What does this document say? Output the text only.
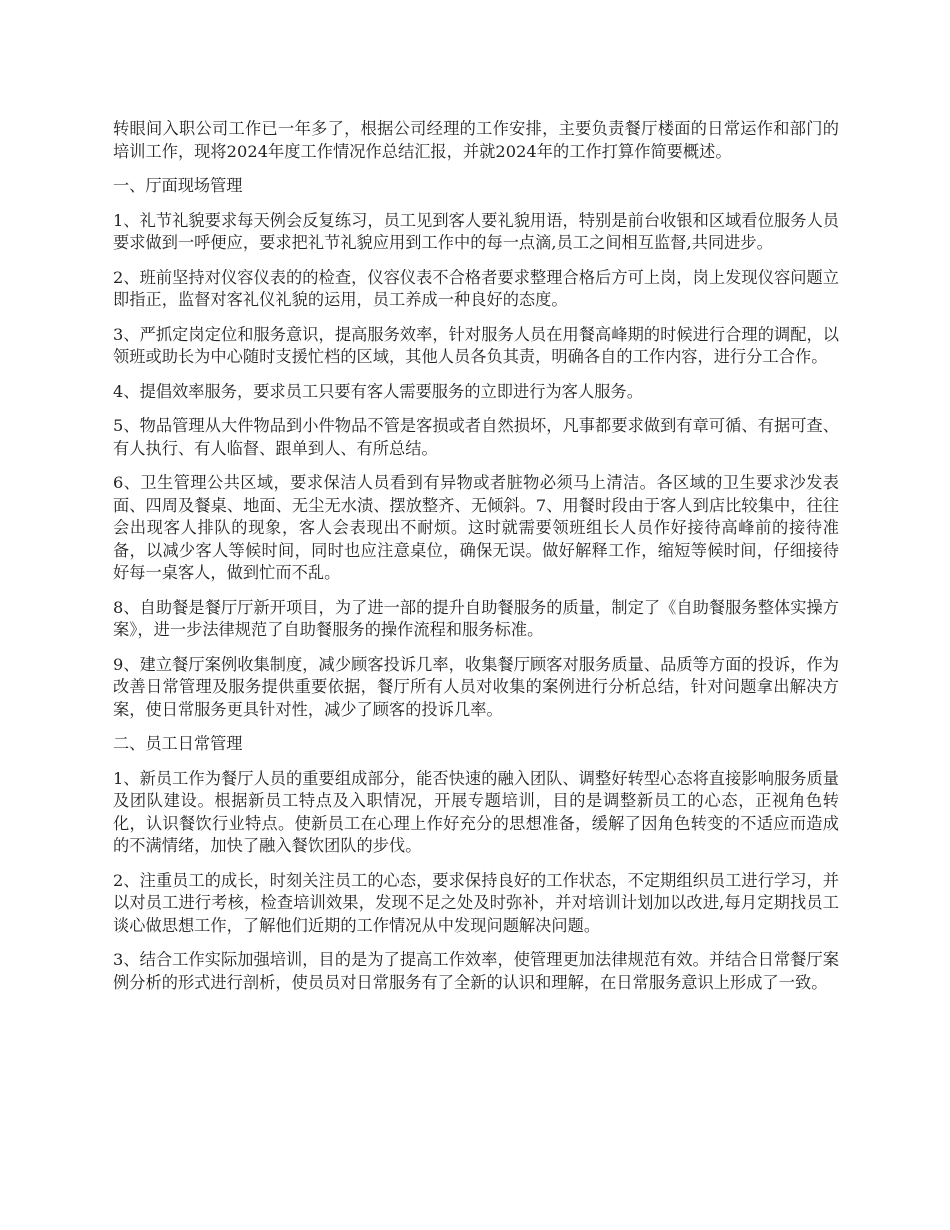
转眼间入职公司工作已一年多了，根据公司经理的工作安排，主要负责餐厅楼面的日常运作和部门的培训工作，现将2024年度工作情况作总结汇报，并就2024年的工作打算作简要概述。

一、厅面现场管理

1、礼节礼貌要求每天例会反复练习，员工见到客人要礼貌用语，特别是前台收银和区域看位服务人员要求做到一呼便应，要求把礼节礼貌应用到工作中的每一点滴,员工之间相互监督,共同进步。

2、班前坚持对仪容仪表的的检查，仪容仪表不合格者要求整理合格后方可上岗，岗上发现仪容问题立即指正，监督对客礼仪礼貌的运用，员工养成一种良好的态度。

3、严抓定岗定位和服务意识，提高服务效率，针对服务人员在用餐高峰期的时候进行合理的调配，以领班或助长为中心随时支援忙档的区域，其他人员各负其责，明确各自的工作内容，进行分工合作。

4、提倡效率服务，要求员工只要有客人需要服务的立即进行为客人服务。

5、物品管理从大件物品到小件物品不管是客损或者自然损坏，凡事都要求做到有章可循、有据可查、有人执行、有人临督、跟单到人、有所总结。

6、卫生管理公共区域，要求保洁人员看到有异物或者脏物必须马上清洁。各区域的卫生要求沙发表面、四周及餐桌、地面、无尘无水渍、摆放整齐、无倾斜。7、用餐时段由于客人到店比较集中，往往会出现客人排队的现象，客人会表现出不耐烦。这时就需要领班组长人员作好接待高峰前的接待准备，以减少客人等候时间，同时也应注意桌位，确保无误。做好解释工作，缩短等候时间，仔细接待好每一桌客人，做到忙而不乱。

8、自助餐是餐厅厅新开项目，为了进一部的提升自助餐服务的质量，制定了《自助餐服务整体实操方案》，进一步法律规范了自助餐服务的操作流程和服务标准。

9、建立餐厅案例收集制度，减少顾客投诉几率，收集餐厅顾客对服务质量、品质等方面的投诉，作为改善日常管理及服务提供重要依据，餐厅所有人员对收集的案例进行分析总结，针对问题拿出解决方案，使日常服务更具针对性，减少了顾客的投诉几率。

二、员工日常管理

1、新员工作为餐厅人员的重要组成部分，能否快速的融入团队、调整好转型心态将直接影响服务质量及团队建设。根据新员工特点及入职情况，开展专题培训，目的是调整新员工的心态，正视角色转化，认识餐饮行业特点。使新员工在心理上作好充分的思想准备，缓解了因角色转变的不适应而造成的不满情绪，加快了融入餐饮团队的步伐。

2、注重员工的成长，时刻关注员工的心态，要求保持良好的工作状态，不定期组织员工进行学习，并以对员工进行考核，检查培训效果，发现不足之处及时弥补，并对培训计划加以改进,每月定期找员工谈心做思想工作，了解他们近期的工作情况从中发现问题解决问题。

3、结合工作实际加强培训，目的是为了提高工作效率，使管理更加法律规范有效。并结合日常餐厅案例分析的形式进行剖析，使员员对日常服务有了全新的认识和理解，在日常服务意识上形成了一致。
